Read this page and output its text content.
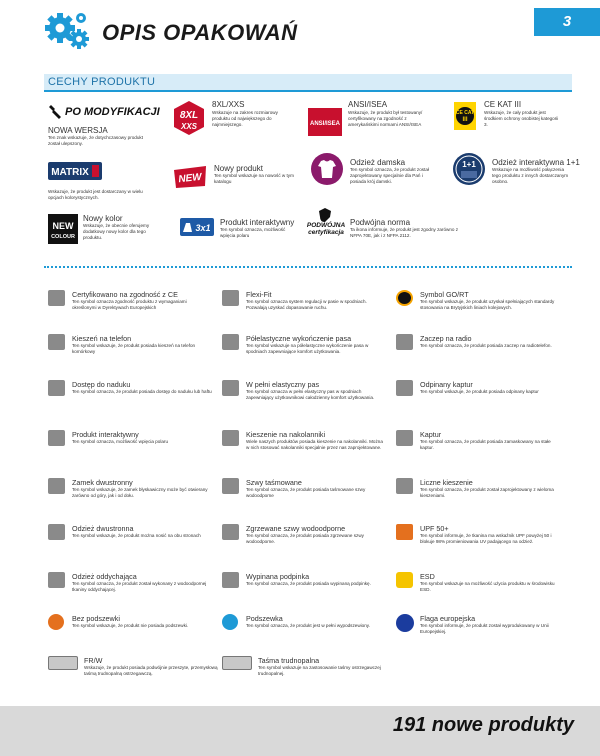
3
OPIS OPAKOWAŃ
CECHY PRODUKTU
PO MODYFIKACJI
NOWA WERSJA
Ten znak wskazuje, że dotychczasowy produkt został ulepszony.
8XL
XXS
8XL/XXS
Wskazuje na zakres rozmiarowy produktu od największego do najmniejszego.	ANSI/ISEA
ANSI/ISEA
Wskazuje, że produkt był testowany/ certyfikowany na zgodność z amerykańskimi normami ANSI/ISEA
CE CAT
III
CE KAT III
Wskazuje, że cały produkt jest środkiem ochrony osobistej kategorii 3.
MATRIX
Wskazuje, że produkt jest dostarczany w wielu opcjach kolorystycznych.
NEW
Nowy produkt
Ten symbol wskazuje na nowość w tym katalogu
Odzież damska
Ten symbol oznacza, że produkt został zaprojektowany specjalnie dla Pań i posiada krój damski.
1+1 Odzież interaktywna 1+1
Wskazuje na możliwość połączenia tego produktu z innych dostarczanym osobno.
NEW
COLOUR
Nowy kolor
Wskazuje, że obecnie oferujemy dodatkowy nowy kolor dla tego produktu.
3x1
Produkt interaktywny
Ten symbol oznacza, możliwość wpięcia polaru
PODWÓJNA certyfikacja
Podwójna norma
Ta ikona informuje, że produkt jest zgodny zarówno z NFPA 70E, jak i z NFPA 2112.
Certyfikowano na zgodność z CE
Ten symbol oznacza zgodność produktu z wymaganiami określonymi w Dyrektywach Europejskich
Flexi-Fit
Ten symbol oznacza system regulacji w pasie w spodniach. Pozwalają uzyskać dopasowanie ruchu.
Symbol GO/RT
Ten symbol wskazuje, że produkt uzyskał spełniających standardy stosowania na Brytyjskich liniach kolejowych.
Kieszeń na telefon
Ten symbol wskazuje, że produkt posiada kieszeń na telefon komórkowy
Półelastyczne wykończenie pasa
Ten symbol wskazuje na półelastyczne wykończenie pasa w spodniach zapewniające komfort użytkowania.
Zaczep na radio
Ten symbol oznacza, że produkt posiada zaczep na radiotelefon.
Dostęp do naduku
Ten symbol oznacza, że produkt posiada dostęp do naduku lub haftu
W pełni elastyczny pas
Ten symbol oznacza w pełni elastyczny pas w spodniach zapewniający użytkownikowi całodzienny komfort użytkowania.
Odpinany kaptur
Ten symbol wskazuje, że produkt posiada odpinany kaptur
Produkt interaktywny
Ten symbol oznacza, możliwość wpięcia polaru
Kieszenie na nakolanniki
Wiele naszych produktów posiada kieszenie na nakolanniki. Można w nich stosować nakolanniki specjalnie przez nas zaprojektowane.
Kaptur
Ten symbol oznacza, że produkt posiada zamaskowany na stałe kaptur.
Zamek dwustronny
Ten symbol wskazuje, że zamek błyskawiczny może być otwierany zarówno od góry, jak i od dołu.
Szwy taśmowane
Ten symbol oznacza, że produkt posiada taśmowane szwy wodoodporne
Liczne kieszenie
Ten symbol oznacza, że produkt został zaprojektowany z wieloma kieszeniami.
Odzież dwustronna
Ten symbol wskazuje, że produkt można nosić na obu stronach
Zgrzewane szwy wodoodporne
Ten symbol oznacza, że produkt posiada zgrzewane szwy wodoodporne.
UPF 50+
Ten symbol informuje, że tkanina ma wskaźnik UPF powyżej 50 i blokuje 98% promieniowania UV padającego na odzież.
Odzież oddychająca
Ten symbol oznacza, że produkt został wykonany z wodoodpornej tkaniny oddychającej.
Wypinana podpinka
Ten symbol oznacza, że produkt posiada wypinaną podpinkę.
ESD
Ten symbol wskazuje na możliwość użycia produktu w środowisku ESD.
Bez podszewki
Ten symbol wskazuje, że produkt nie posiada podszewki.
Podszewka
Ten symbol oznacza, że produkt jest w pełni wypodszewiony.
Flaga europejska
Ten symbol informuje, że produkt został wyprodukowany w Unii Europejskiej.
FR/W
Wskazuje, że produkt posiada podwójnie przeszyte, przemysłową taśmą trudnopalną ostrzegawczą.
Taśma trudnopalna
Ten symbol wskazuje na zastosowanie taśmy ostrzegawczej trudnopalnej.
191 nowe produkty
